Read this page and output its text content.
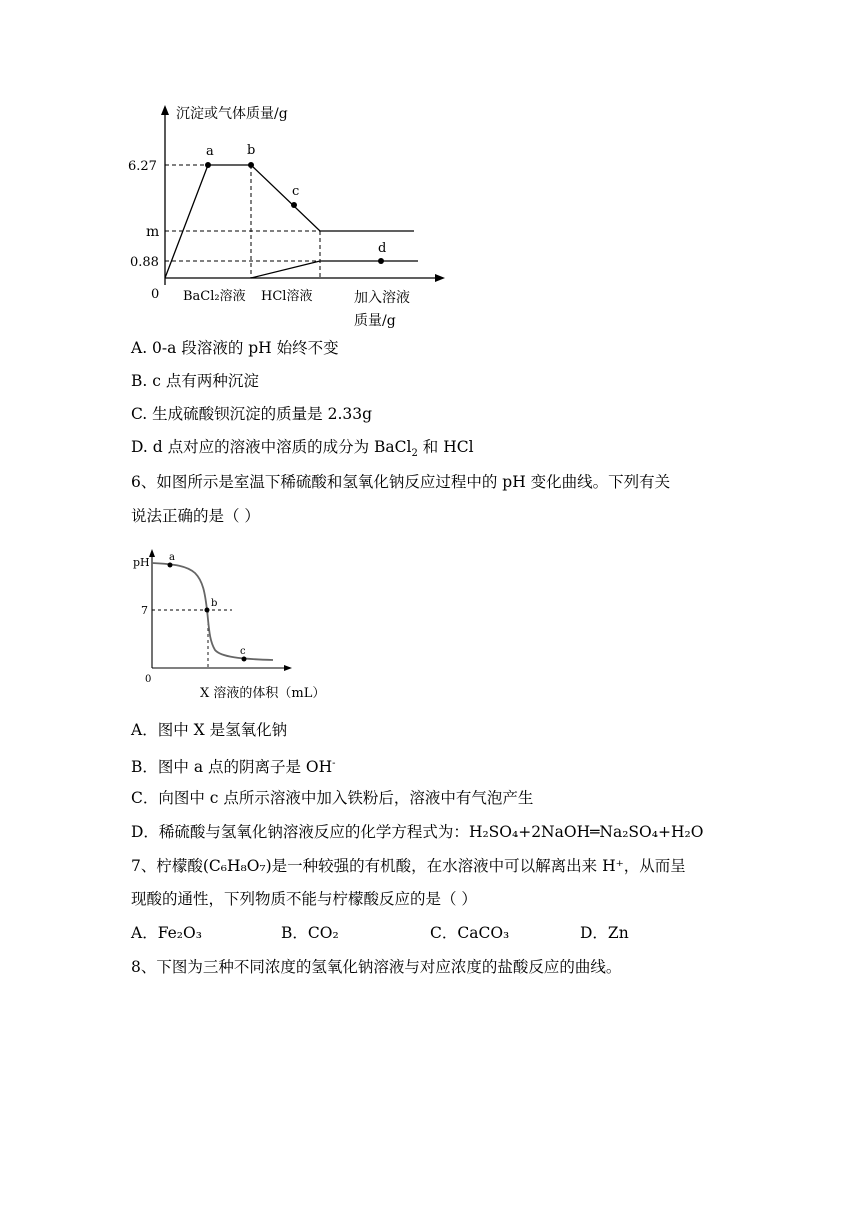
沉淀或气体质量/g
6.27
m
0.88
0 BaCl₂溶液 HCl溶液	加入溶液
质量/g
a	b
c
d
A. 0-a 段溶液的 pH 始终不变
B. c 点有两种沉淀
C. 生成硫酸钡沉淀的质量是 2.33g
D. d 点对应的溶液中溶质的成分为 BaCl$_2$ 和 HCl
6、如图所示是室温下稀硫酸和氢氧化钠反应过程中的 pH 变化曲线。下列有关
说法正确的是（ ）
pH
7
0
a
b
c
X 溶液的体积（mL）
A．图中 X 是氢氧化钠
B．图中 a 点的阴离子是 OH-
C．向图中 c 点所示溶液中加入铁粉后，溶液中有气泡产生
D．稀硫酸与氢氧化钠溶液反应的化学方程式为：H₂SO₄+2NaOH═Na₂SO₄+H₂O
7、柠檬酸(C₆H₈O₇)是一种较强的有机酸，在水溶液中可以解离出来 H⁺，从而呈
现酸的通性，下列物质不能与柠檬酸反应的是（ ）
A．Fe₂O₃	B．CO₂	C．CaCO₃	D．Zn
8、下图为三种不同浓度的氢氧化钠溶液与对应浓度的盐酸反应的曲线。
